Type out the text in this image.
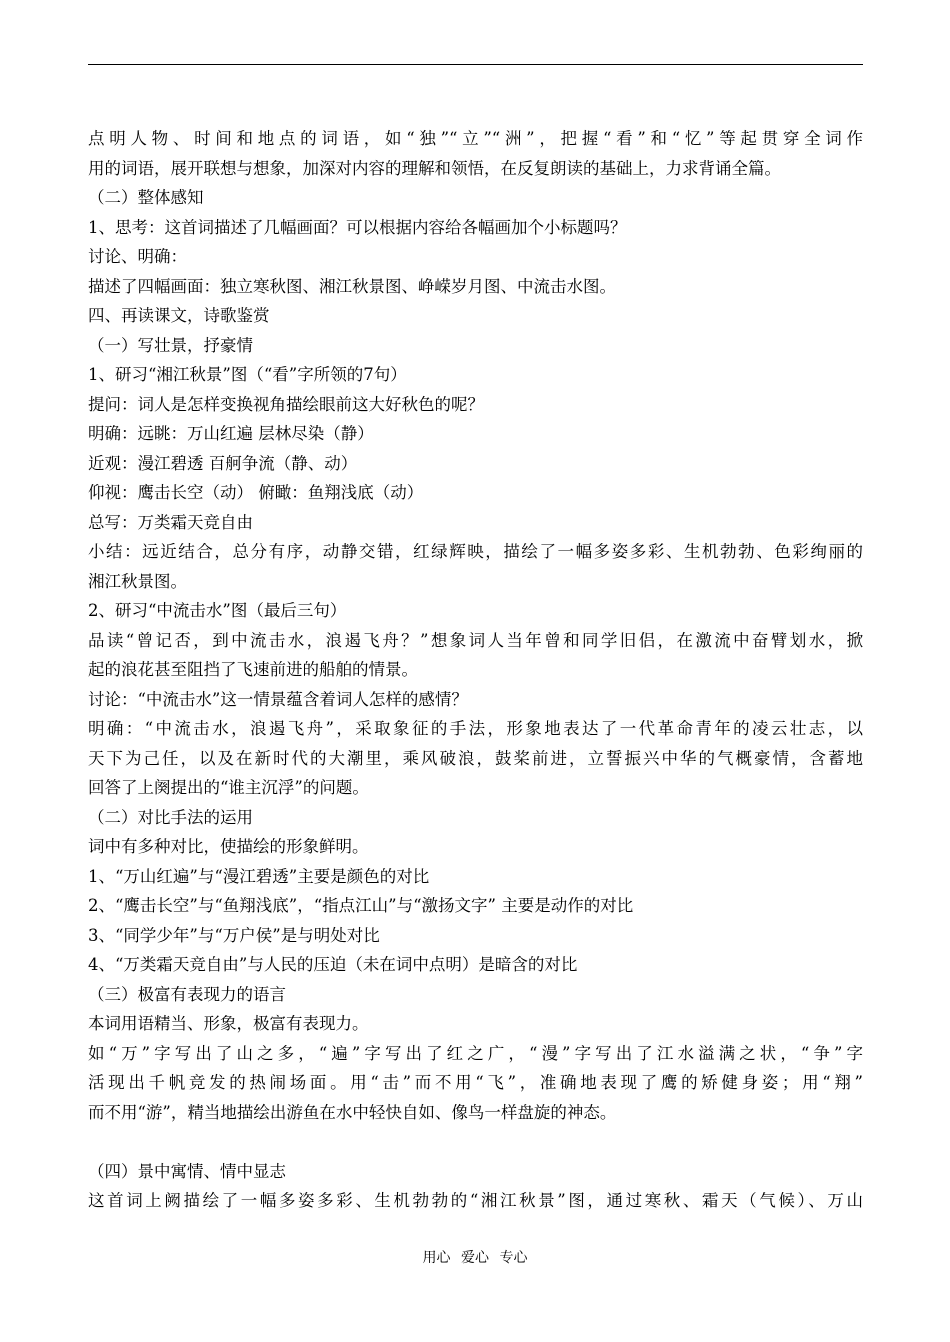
点明人物、时间和地点的词语，如“独”“立”“洲”，把握“看”和“忆”等起贯穿全词作
用的词语，展开联想与想象，加深对内容的理解和领悟，在反复朗读的基础上，力求背诵全篇。
（二）整体感知
1、思考：这首词描述了几幅画面？可以根据内容给各幅画加个小标题吗？
讨论、明确：
描述了四幅画面：独立寒秋图、湘江秋景图、峥嵘岁月图、中流击水图。
四、再读课文，诗歌鉴赏
（一）写壮景，抒豪情
1、研习“湘江秋景”图（“看”字所领的7句）
提问：词人是怎样变换视角描绘眼前这大好秋色的呢？
明确：远眺：万山红遍 层林尽染（静）
近观：漫江碧透 百舸争流（静、动）
仰视：鹰击长空（动） 俯瞰：鱼翔浅底（动）
总写：万类霜天竞自由
小结：远近结合，总分有序，动静交错，红绿辉映，描绘了一幅多姿多彩、生机勃勃、色彩绚丽的
湘江秋景图。
2、研习“中流击水”图（最后三句）
品读“曾记否，到中流击水，浪遏飞舟？”想象词人当年曾和同学旧侣，在激流中奋臂划水，掀
起的浪花甚至阻挡了飞速前进的船舶的情景。
讨论：“中流击水”这一情景蕴含着词人怎样的感情？
明确：“中流击水，浪遏飞舟”，采取象征的手法，形象地表达了一代革命青年的凌云壮志，以
天下为己任，以及在新时代的大潮里，乘风破浪，鼓桨前进，立誓振兴中华的气概豪情，含蓄地
回答了上阕提出的“谁主沉浮”的问题。
（二）对比手法的运用
词中有多种对比，使描绘的形象鲜明。
1、“万山红遍”与“漫江碧透”主要是颜色的对比
2、“鹰击长空”与“鱼翔浅底”，“指点江山”与“激扬文字” 主要是动作的对比
3、“同学少年”与“万户侯”是与明处对比
4、“万类霜天竞自由”与人民的压迫（未在词中点明）是暗含的对比
（三）极富有表现力的语言
本词用语精当、形象，极富有表现力。
如“万”字写出了山之多，“遍”字写出了红之广，“漫”字写出了江水溢满之状，“争”字
活现出千帆竞发的热闹场面。用“击”而不用“飞”，准确地表现了鹰的矫健身姿；用“翔”
而不用“游”，精当地描绘出游鱼在水中轻快自如、像鸟一样盘旋的神态。
（四）景中寓情、情中显志
这首词上阙描绘了一幅多姿多彩、生机勃勃的“湘江秋景”图，通过寒秋、霜天（气候）、万山
用心 爱心 专心
